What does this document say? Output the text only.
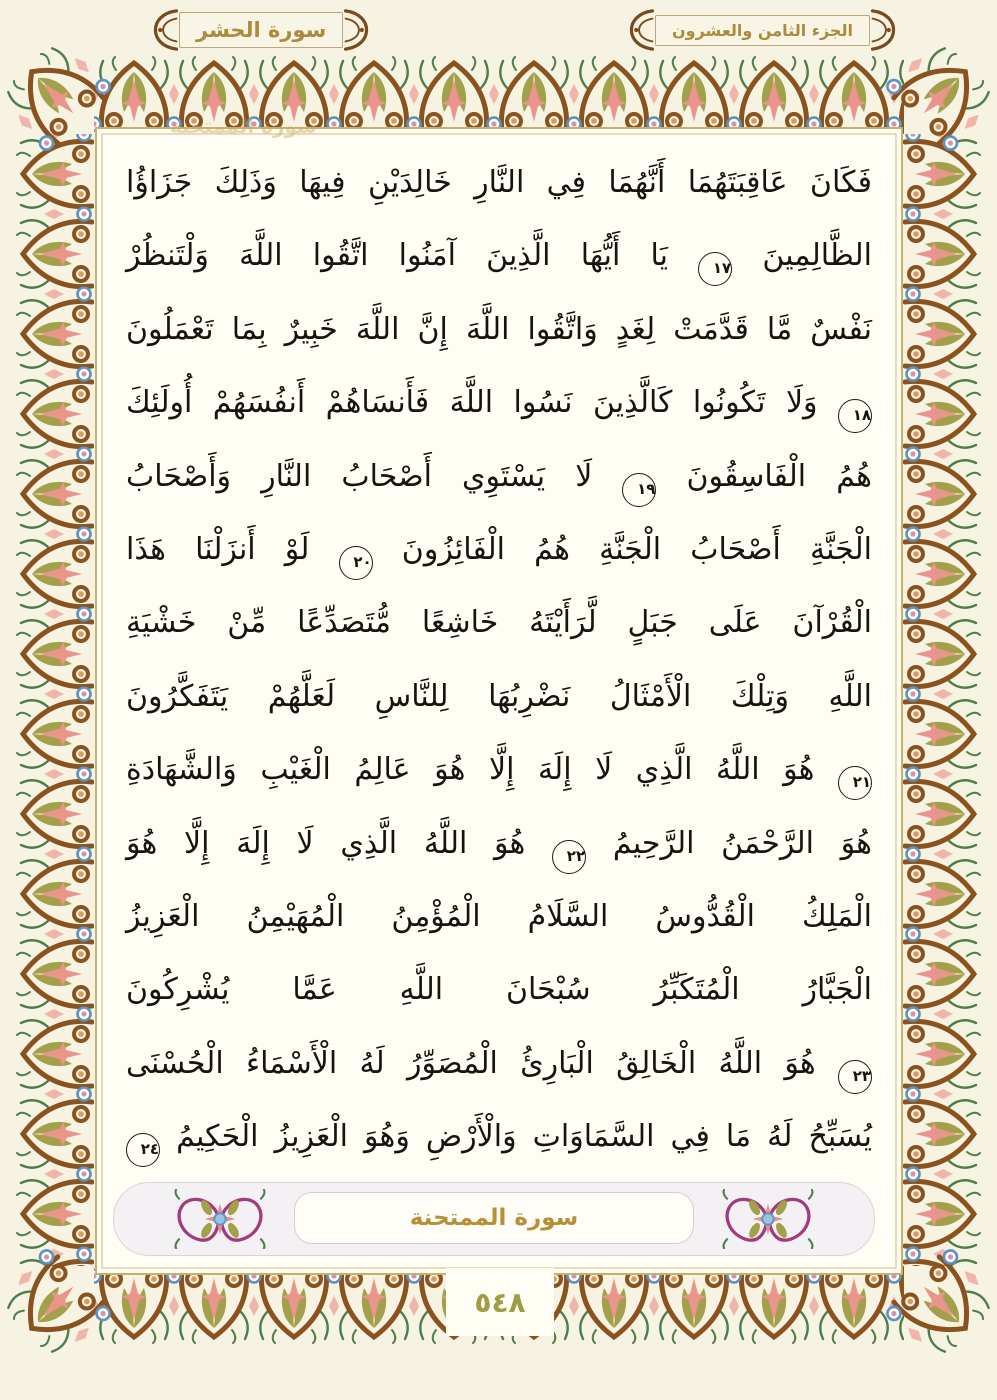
سورة الحشر	الجزء الثامن والعشرون
سورة الممتحنة
فَكَانَ عَاقِبَتَهُمَا أَنَّهُمَا فِي النَّارِ خَالِدَيْنِ فِيهَا وَذَلِكَ جَزَاؤُا
الظَّالِمِينَ ١٧ يَا أَيُّهَا الَّذِينَ آمَنُوا اتَّقُوا اللَّهَ وَلْتَنظُرْ
نَفْسٌ مَّا قَدَّمَتْ لِغَدٍ وَاتَّقُوا اللَّهَ إِنَّ اللَّهَ خَبِيرٌ بِمَا تَعْمَلُونَ
١٨ وَلَا تَكُونُوا كَالَّذِينَ نَسُوا اللَّهَ فَأَنسَاهُمْ أَنفُسَهُمْ أُولَئِكَ
هُمُ الْفَاسِقُونَ ١٩ لَا يَسْتَوِي أَصْحَابُ النَّارِ وَأَصْحَابُ
الْجَنَّةِ أَصْحَابُ الْجَنَّةِ هُمُ الْفَائِزُونَ ٢٠ لَوْ أَنزَلْنَا هَذَا
الْقُرْآنَ عَلَى جَبَلٍ لَّرَأَيْتَهُ خَاشِعًا مُّتَصَدِّعًا مِّنْ خَشْيَةِ
اللَّهِ وَتِلْكَ الْأَمْثَالُ نَضْرِبُهَا لِلنَّاسِ لَعَلَّهُمْ يَتَفَكَّرُونَ
٢١ هُوَ اللَّهُ الَّذِي لَا إِلَهَ إِلَّا هُوَ عَالِمُ الْغَيْبِ وَالشَّهَادَةِ
هُوَ الرَّحْمَنُ الرَّحِيمُ ٢٢ هُوَ اللَّهُ الَّذِي لَا إِلَهَ إِلَّا هُوَ
الْمَلِكُ الْقُدُّوسُ السَّلَامُ الْمُؤْمِنُ الْمُهَيْمِنُ الْعَزِيزُ
الْجَبَّارُ الْمُتَكَبِّرُ سُبْحَانَ اللَّهِ عَمَّا يُشْرِكُونَ
٢٣ هُوَ اللَّهُ الْخَالِقُ الْبَارِئُ الْمُصَوِّرُ لَهُ الْأَسْمَاءُ الْحُسْنَى
يُسَبِّحُ لَهُ مَا فِي السَّمَاوَاتِ وَالْأَرْضِ وَهُوَ الْعَزِيزُ الْحَكِيمُ ٢٤
سورة الممتحنة
٥٤٨
